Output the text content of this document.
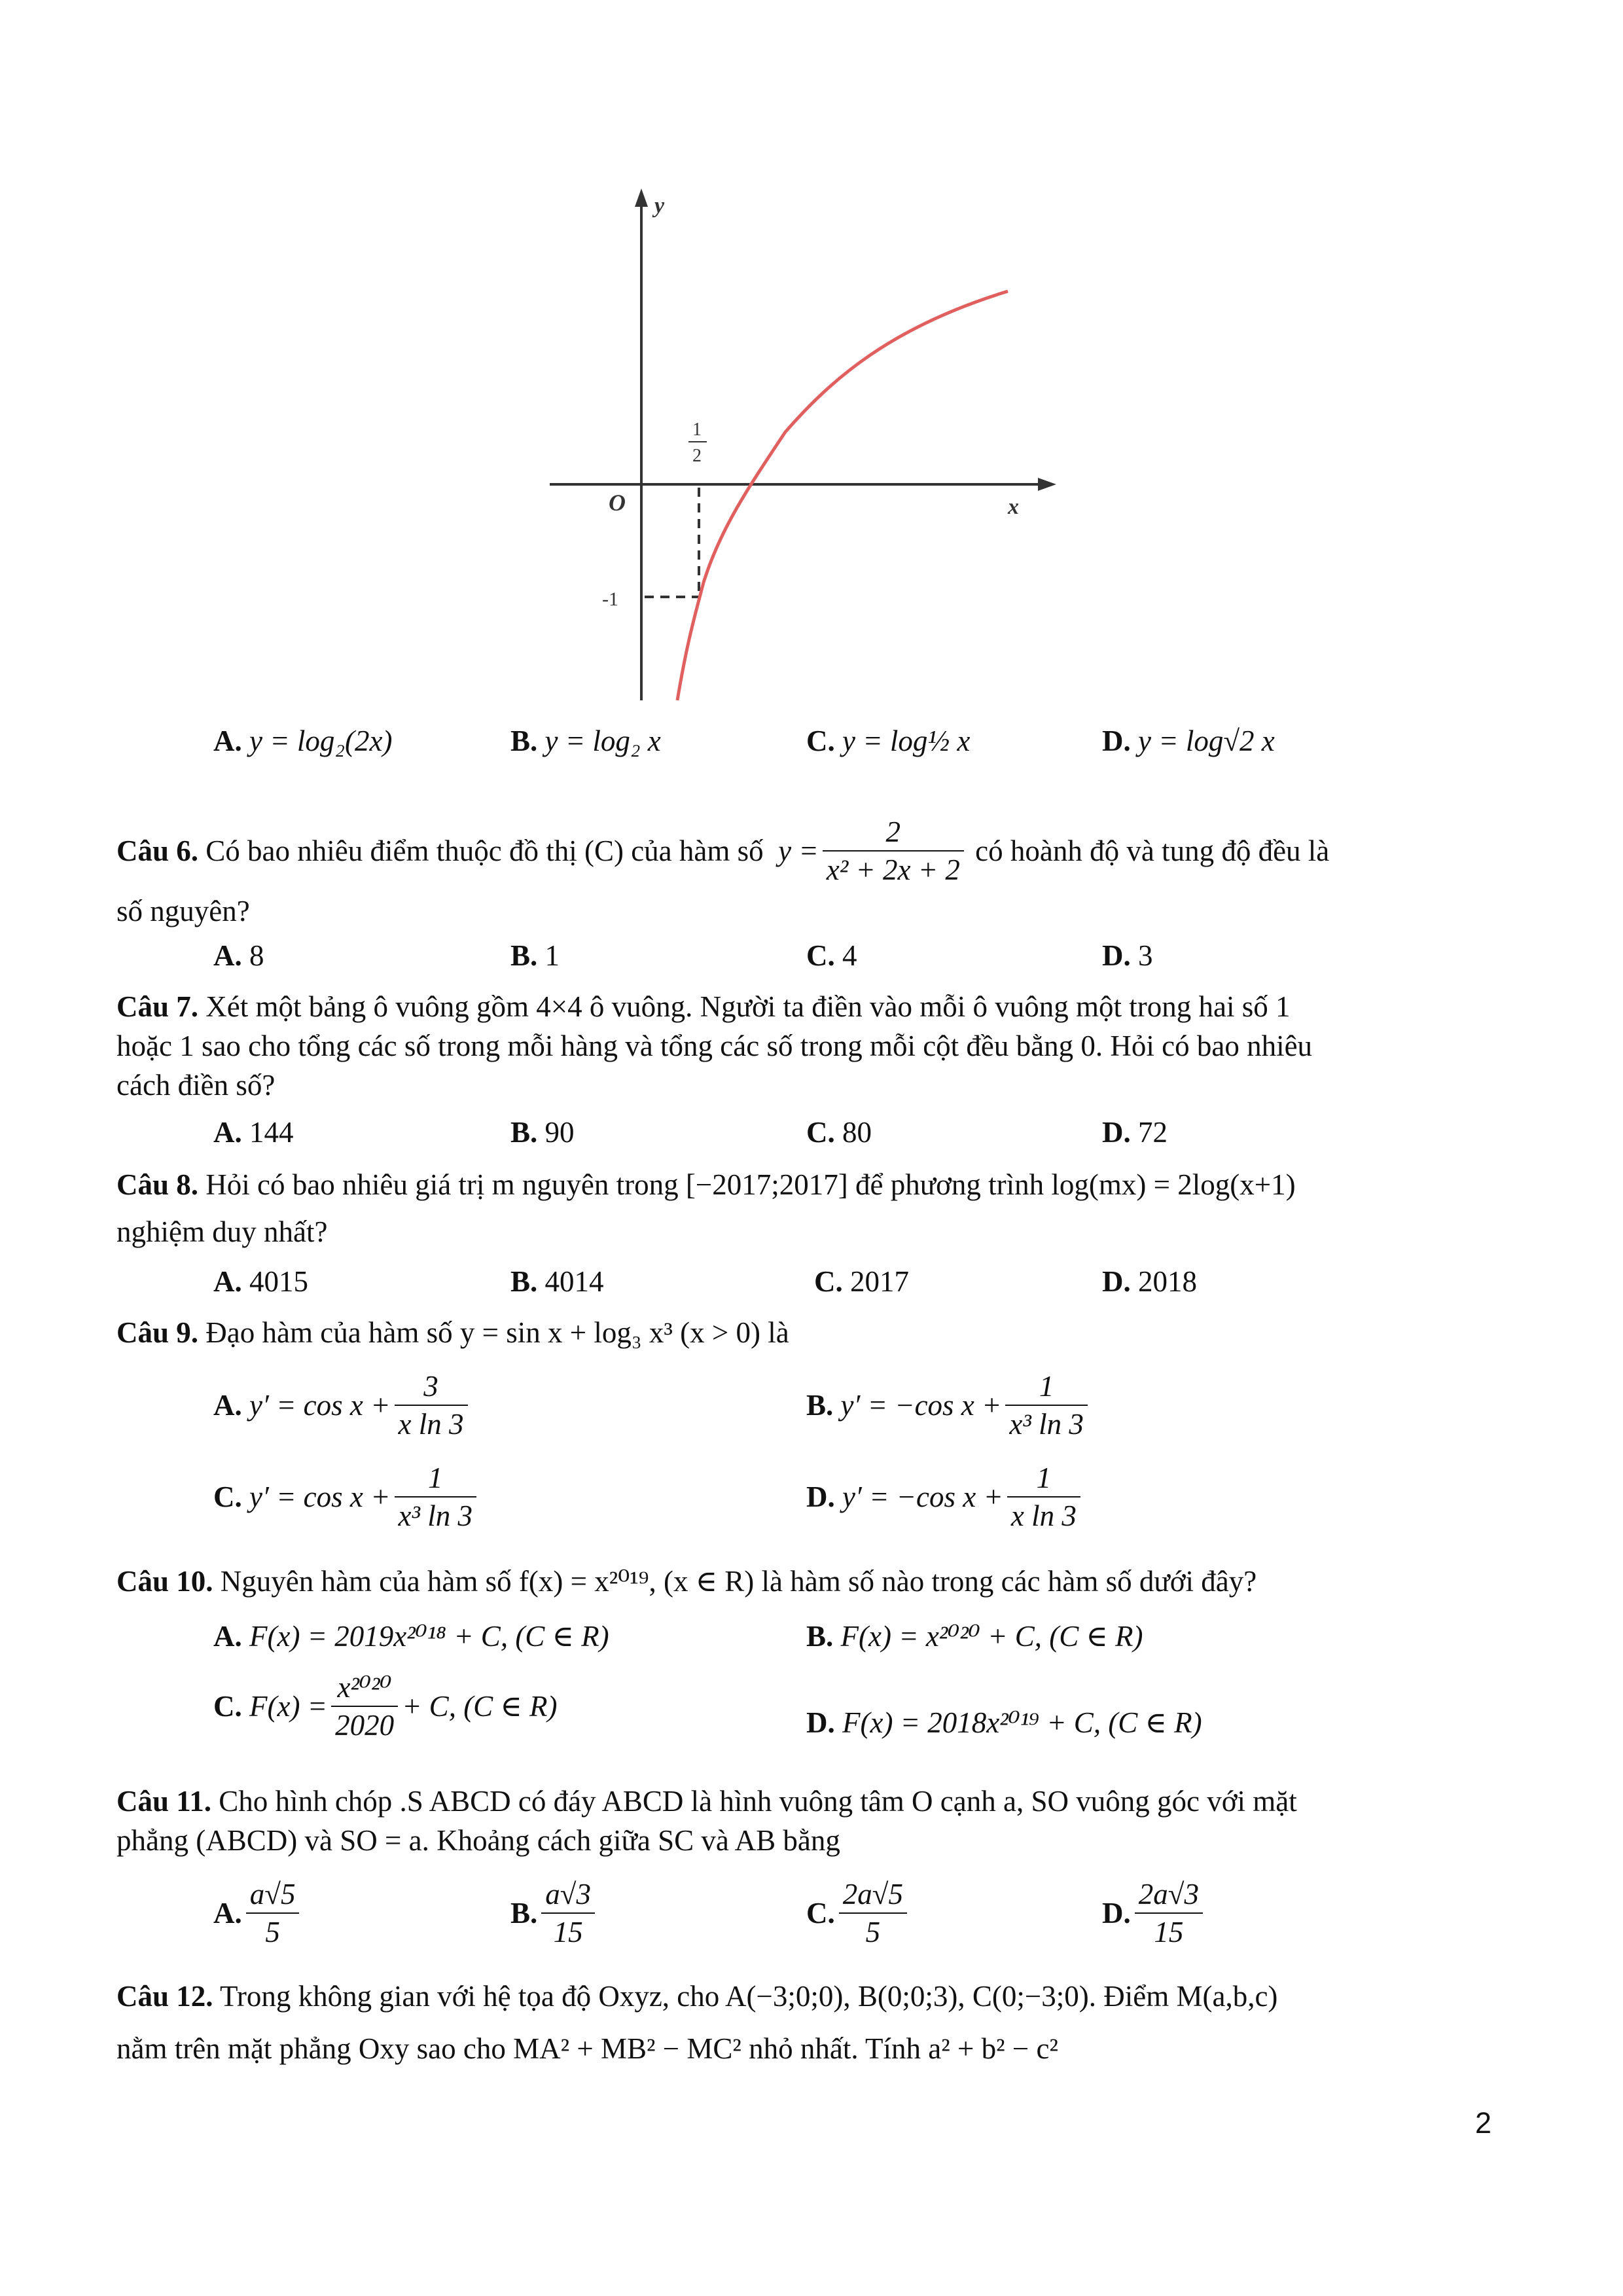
y
x
O
1
2
-1
A. y = log₂(2x)	B. y = log₂ x	C. y = log½ x	D. y = log√2 x
Câu 6.
Có bao nhiêu điểm thuộc đồ thị (C) của hàm số
$y = \frac{2}{\text{x² + 2x + 2}}$
có hoành độ và tung độ đều là
số nguyên?
A. 8	B. 1	C. 4	D. 3
Câu 7. Xét một bảng ô vuông gồm 4×4 ô vuông. Người ta điền vào mỗi ô vuông một trong hai số 1
hoặc 1 sao cho tổng các số trong mỗi hàng và tổng các số trong mỗi cột đều bằng 0. Hỏi có bao nhiêu
cách điền số?
A. 144	B. 90	C. 80	D. 72
Câu 8. Hỏi có bao nhiêu giá trị m nguyên trong [−2017;2017] để phương trình log(mx) = 2log(x+1)
nghiệm duy nhất?
A. 4015	B. 4014	C. 2017	D. 2018
Câu 9. Đạo hàm của hàm số y = sin x + log₃ x³ (x > 0) là
A.
$y' = \cos x + \frac{3}{\text{x ln 3}}$	B.
y′ = −cos $x + \frac{1}{\text{x³ ln 3}}$
C.
$y' = \cos x + \frac{1}{\text{x³ ln 3}}$	D.
y′ = −cos $x + \frac{1}{\text{x ln 3}}$
Câu 10. Nguyên hàm của hàm số f(x) = x²⁰¹⁹, (x ∈ R) là hàm số nào trong các hàm số dưới đây?
A. F(x) = 2019x²⁰¹⁸ + C, (C ∈ R)	B. F(x) = x²⁰²⁰ + C, (C ∈ R)
C.
$F(x) = \frac{\text{x²⁰²⁰}}{2020} + C$, (C ∈ R)	D. F(x) = 2018x²⁰¹⁹ + C, (C ∈ R)
Câu 11. Cho hình chóp .S ABCD có đáy ABCD là hình vuông tâm O cạnh a, SO vuông góc với mặt
phẳng (ABCD) và SO = a. Khoảng cách giữa SC và AB bằng
A. $\frac{a√5}{5}$	B. $\frac{a√3}{15}$	C. $\frac{2a√5}{5}$	D. $\frac{2a√3}{15}$
Câu 12. Trong không gian với hệ tọa độ Oxyz, cho A(−3;0;0), B(0;0;3), C(0;−3;0). Điểm M(a,b,c)
nằm trên mặt phẳng Oxy sao cho MA² + MB² − MC² nhỏ nhất. Tính a² + b² − c²
2
